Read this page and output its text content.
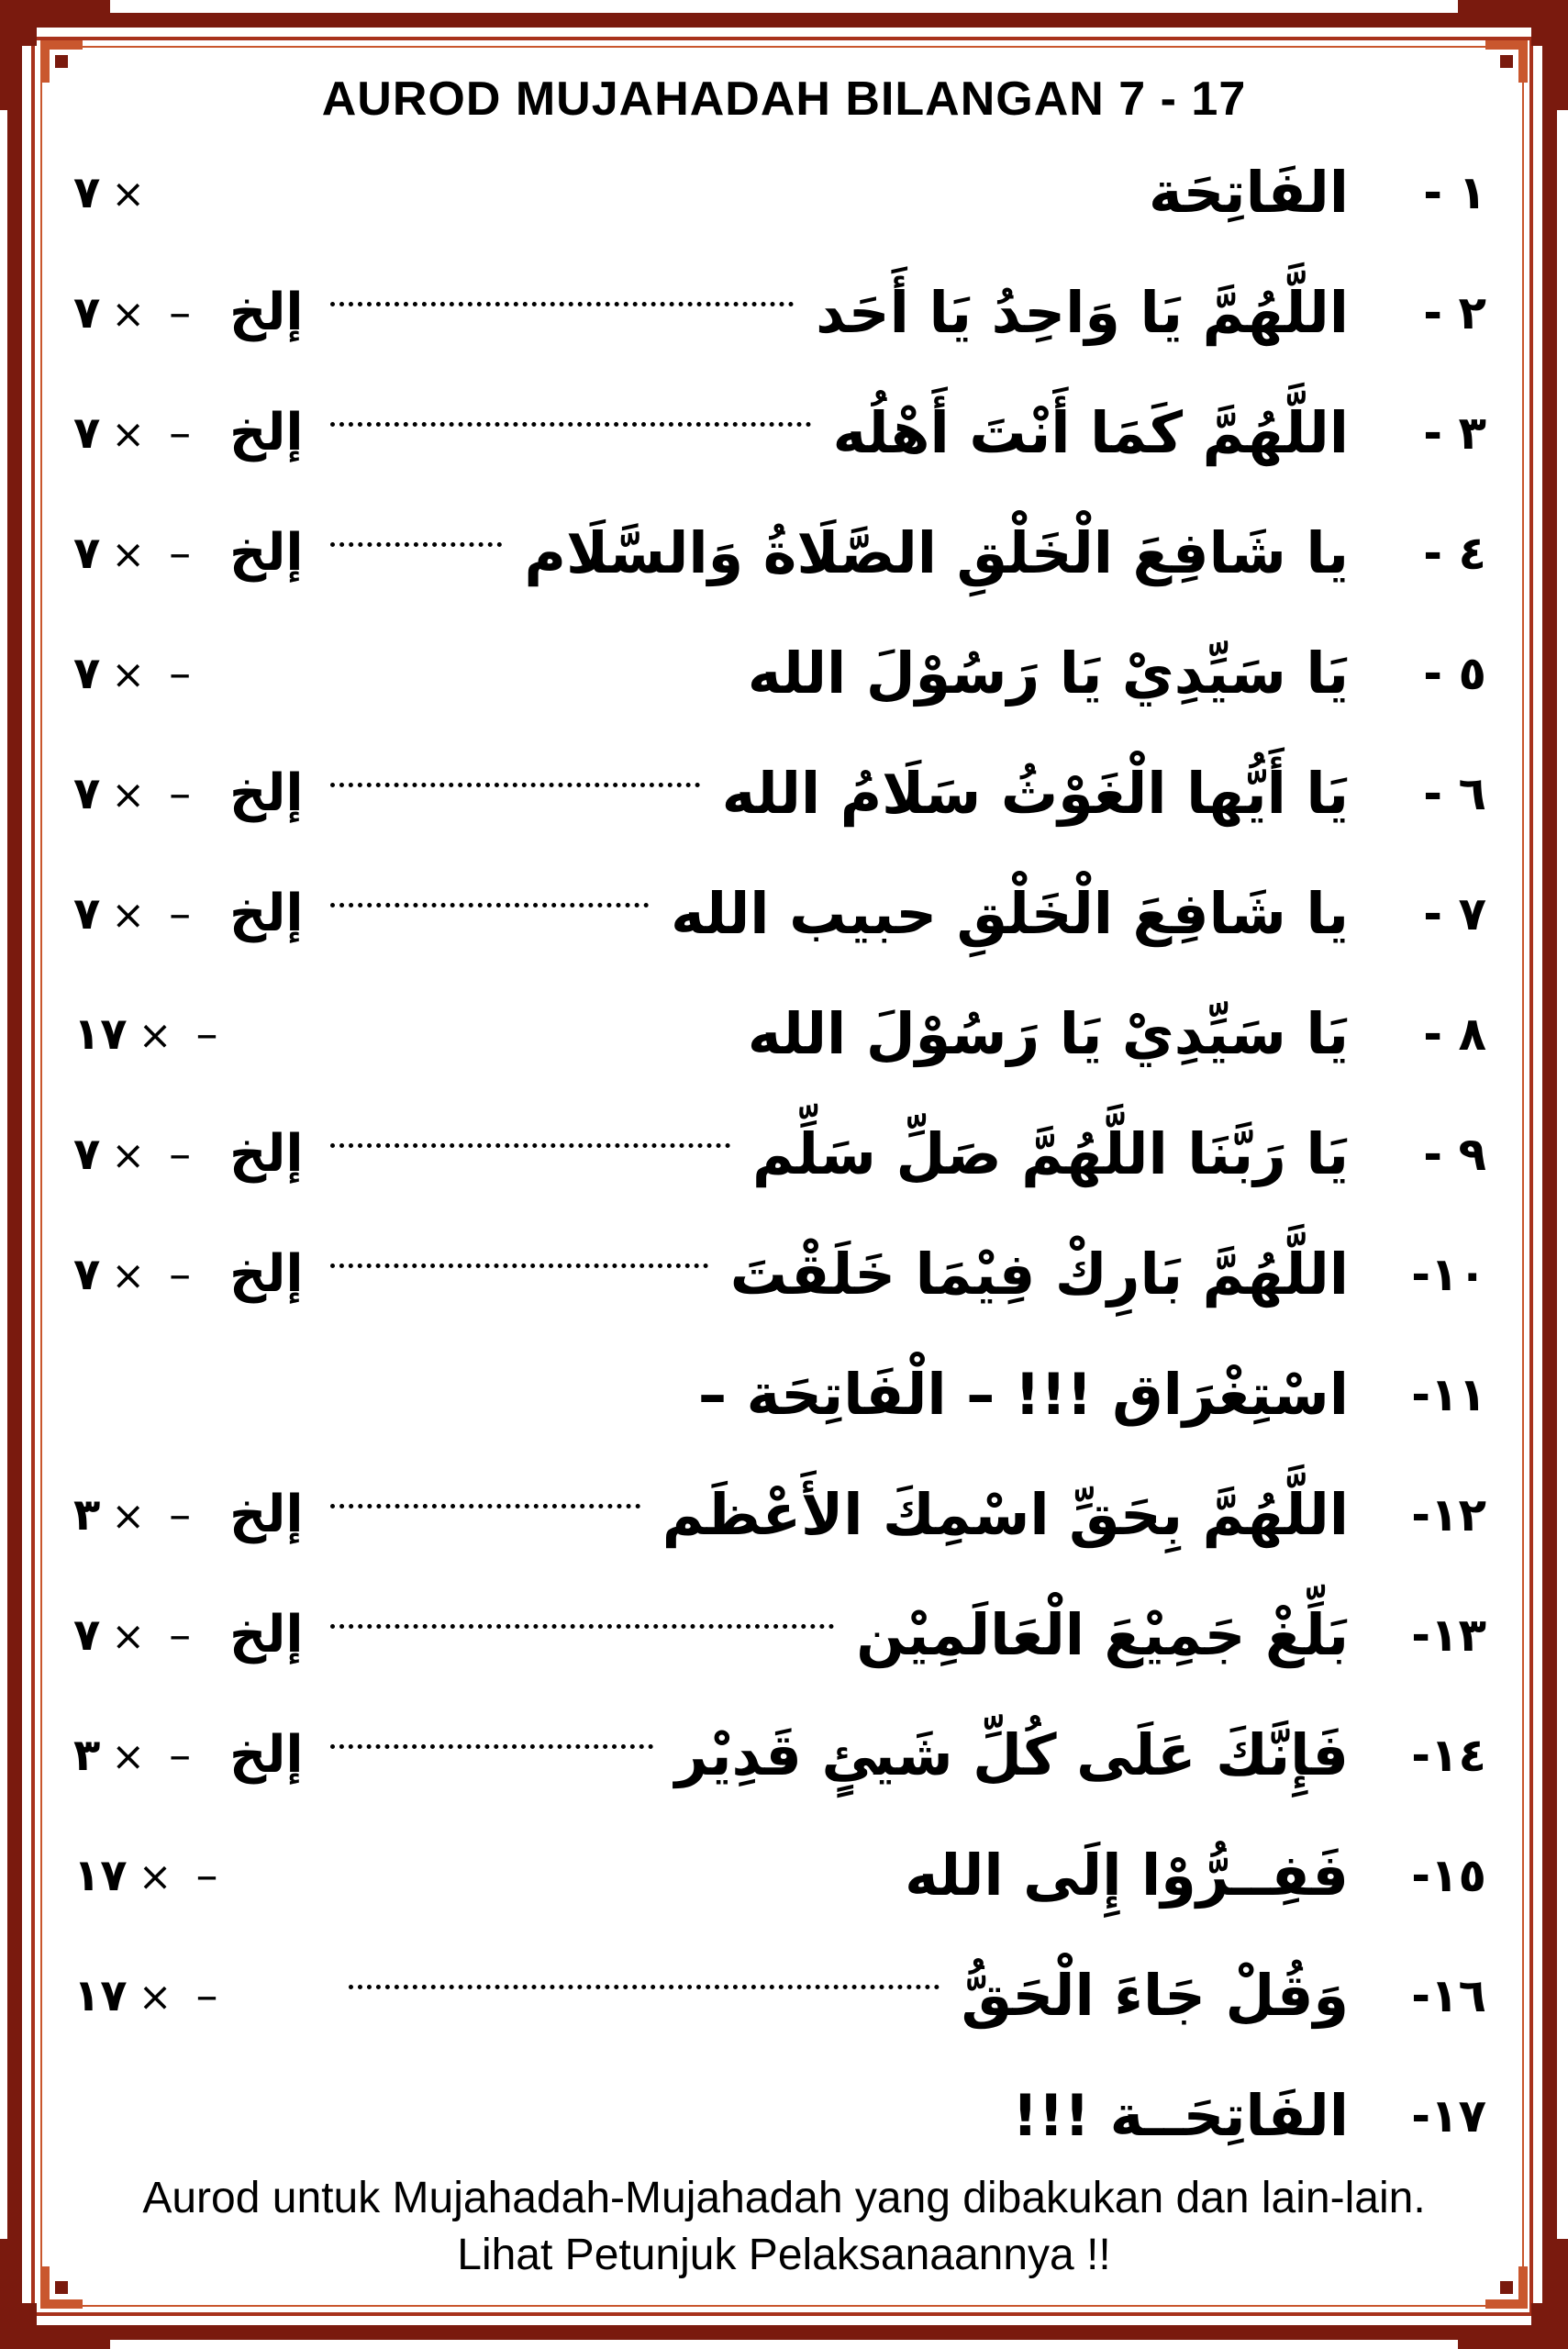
AUROD MUJAHADAH BILANGAN 7 - 17
١ -
الفَاتِحَة
٧ ×
٢ -
اللَّهُمَّ يَا وَاحِدُ يَا أَحَد
إلخ
٧ × –
٣ -
اللَّهُمَّ كَمَا أَنْتَ أَهْلُه
إلخ
٧ × –
٤ -
يا شَافِعَ الْخَلْقِ الصَّلَاةُ وَالسَّلَام
إلخ
٧ × –
٥ -
يَا سَيِّدِيْ يَا رَسُوْلَ الله
٧ × –
٦ -
يَا أَيُّها الْغَوْثُ سَلَامُ الله
إلخ
٧ × –
٧ -
يا شَافِعَ الْخَلْقِ حبيب الله
إلخ
٧ × –
٨ -
يَا سَيِّدِيْ يَا رَسُوْلَ الله
١٧ × –
٩ -
يَا رَبَّنَا اللَّهُمَّ صَلِّ سَلِّم
إلخ
٧ × –
١٠-
اللَّهُمَّ بَارِكْ فِيْمَا خَلَقْتَ
إلخ
٧ × –
١١-
اسْتِغْرَاق !!! – الْفَاتِحَة –
١٢-
اللَّهُمَّ بِحَقِّ اسْمِكَ الأَعْظَم
إلخ
٣ × –
١٣-
بَلِّغْ جَمِيْعَ الْعَالَمِيْن
إلخ
٧ × –
١٤-
فَإِنَّكَ عَلَى كُلِّ شَيئٍ قَدِيْر
إلخ
٣ × –
١٥-
فَفِــرُّوْا إِلَى الله
١٧ × –
١٦-
وَقُلْ جَاءَ الْحَقُّ
١٧ × –
١٧-
الفَاتِحَــة !!!
Aurod untuk Mujahadah-Mujahadah yang dibakukan dan lain-lain.
Lihat Petunjuk Pelaksanaannya !!
